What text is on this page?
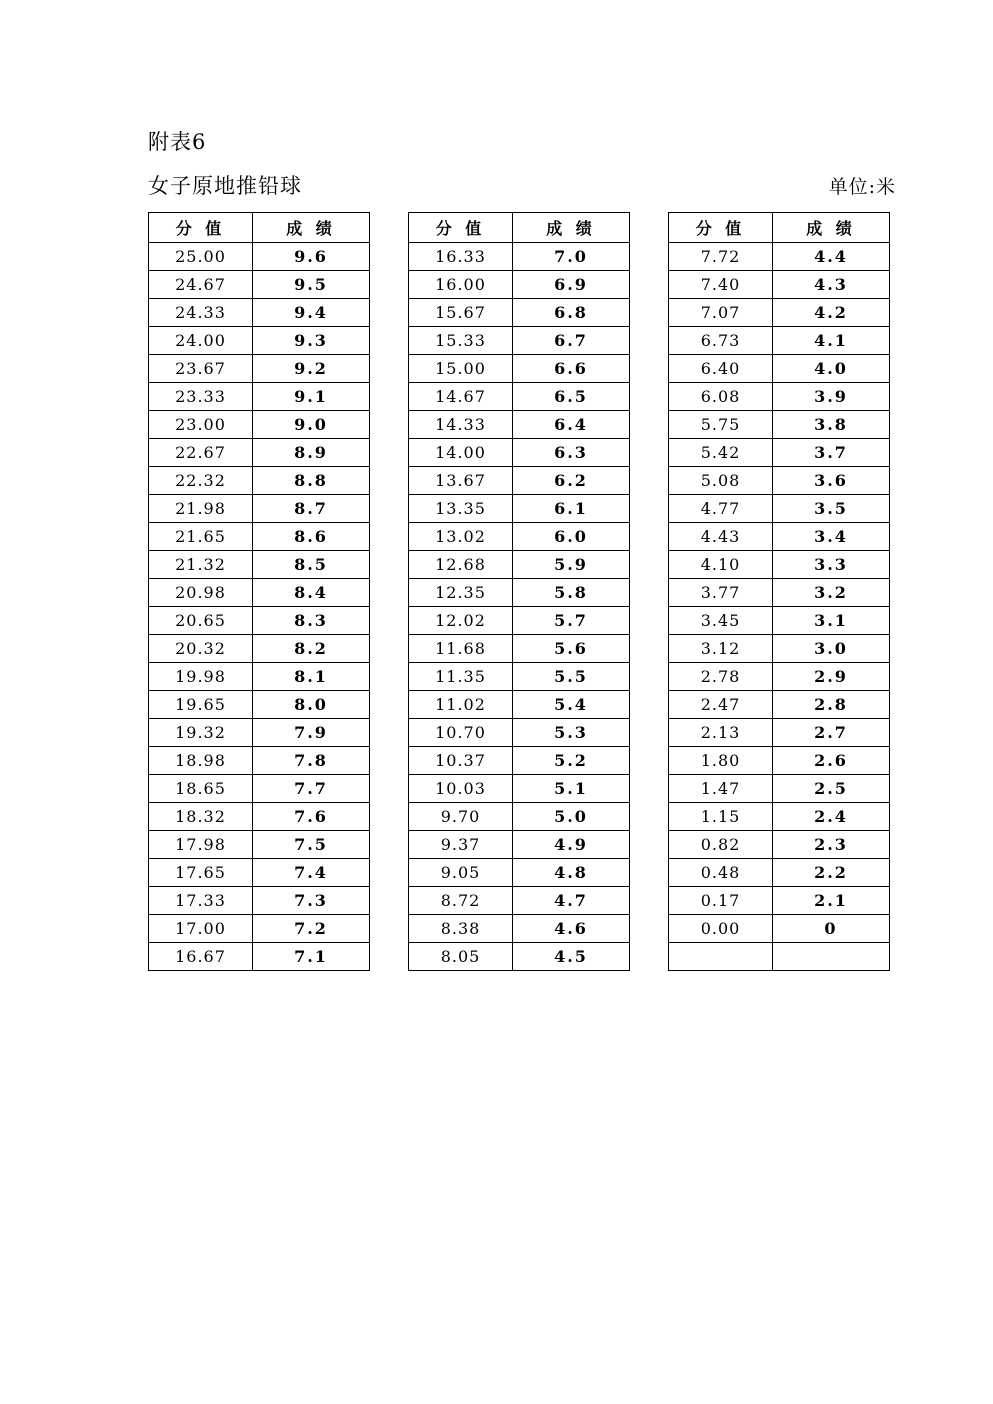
附表6
女子原地推铅球	单位:米
分 值	成 绩
25.00	9.6
24.67	9.5
24.33	9.4
24.00	9.3
23.67	9.2
23.33	9.1
23.00	9.0
22.67	8.9
22.32	8.8
21.98	8.7
21.65	8.6
21.32	8.5
20.98	8.4
20.65	8.3
20.32	8.2
19.98	8.1
19.65	8.0
19.32	7.9
18.98	7.8
18.65	7.7
18.32	7.6
17.98	7.5
17.65	7.4
17.33	7.3
17.00	7.2
16.67	7.1
分 值	成 绩
16.33	7.0
16.00	6.9
15.67	6.8
15.33	6.7
15.00	6.6
14.67	6.5
14.33	6.4
14.00	6.3
13.67	6.2
13.35	6.1
13.02	6.0
12.68	5.9
12.35	5.8
12.02	5.7
11.68	5.6
11.35	5.5
11.02	5.4
10.70	5.3
10.37	5.2
10.03	5.1
9.70	5.0
9.37	4.9
9.05	4.8
8.72	4.7
8.38	4.6
8.05	4.5
分 值	成 绩
7.72	4.4
7.40	4.3
7.07	4.2
6.73	4.1
6.40	4.0
6.08	3.9
5.75	3.8
5.42	3.7
5.08	3.6
4.77	3.5
4.43	3.4
4.10	3.3
3.77	3.2
3.45	3.1
3.12	3.0
2.78	2.9
2.47	2.8
2.13	2.7
1.80	2.6
1.47	2.5
1.15	2.4
0.82	2.3
0.48	2.2
0.17	2.1
0.00	0
